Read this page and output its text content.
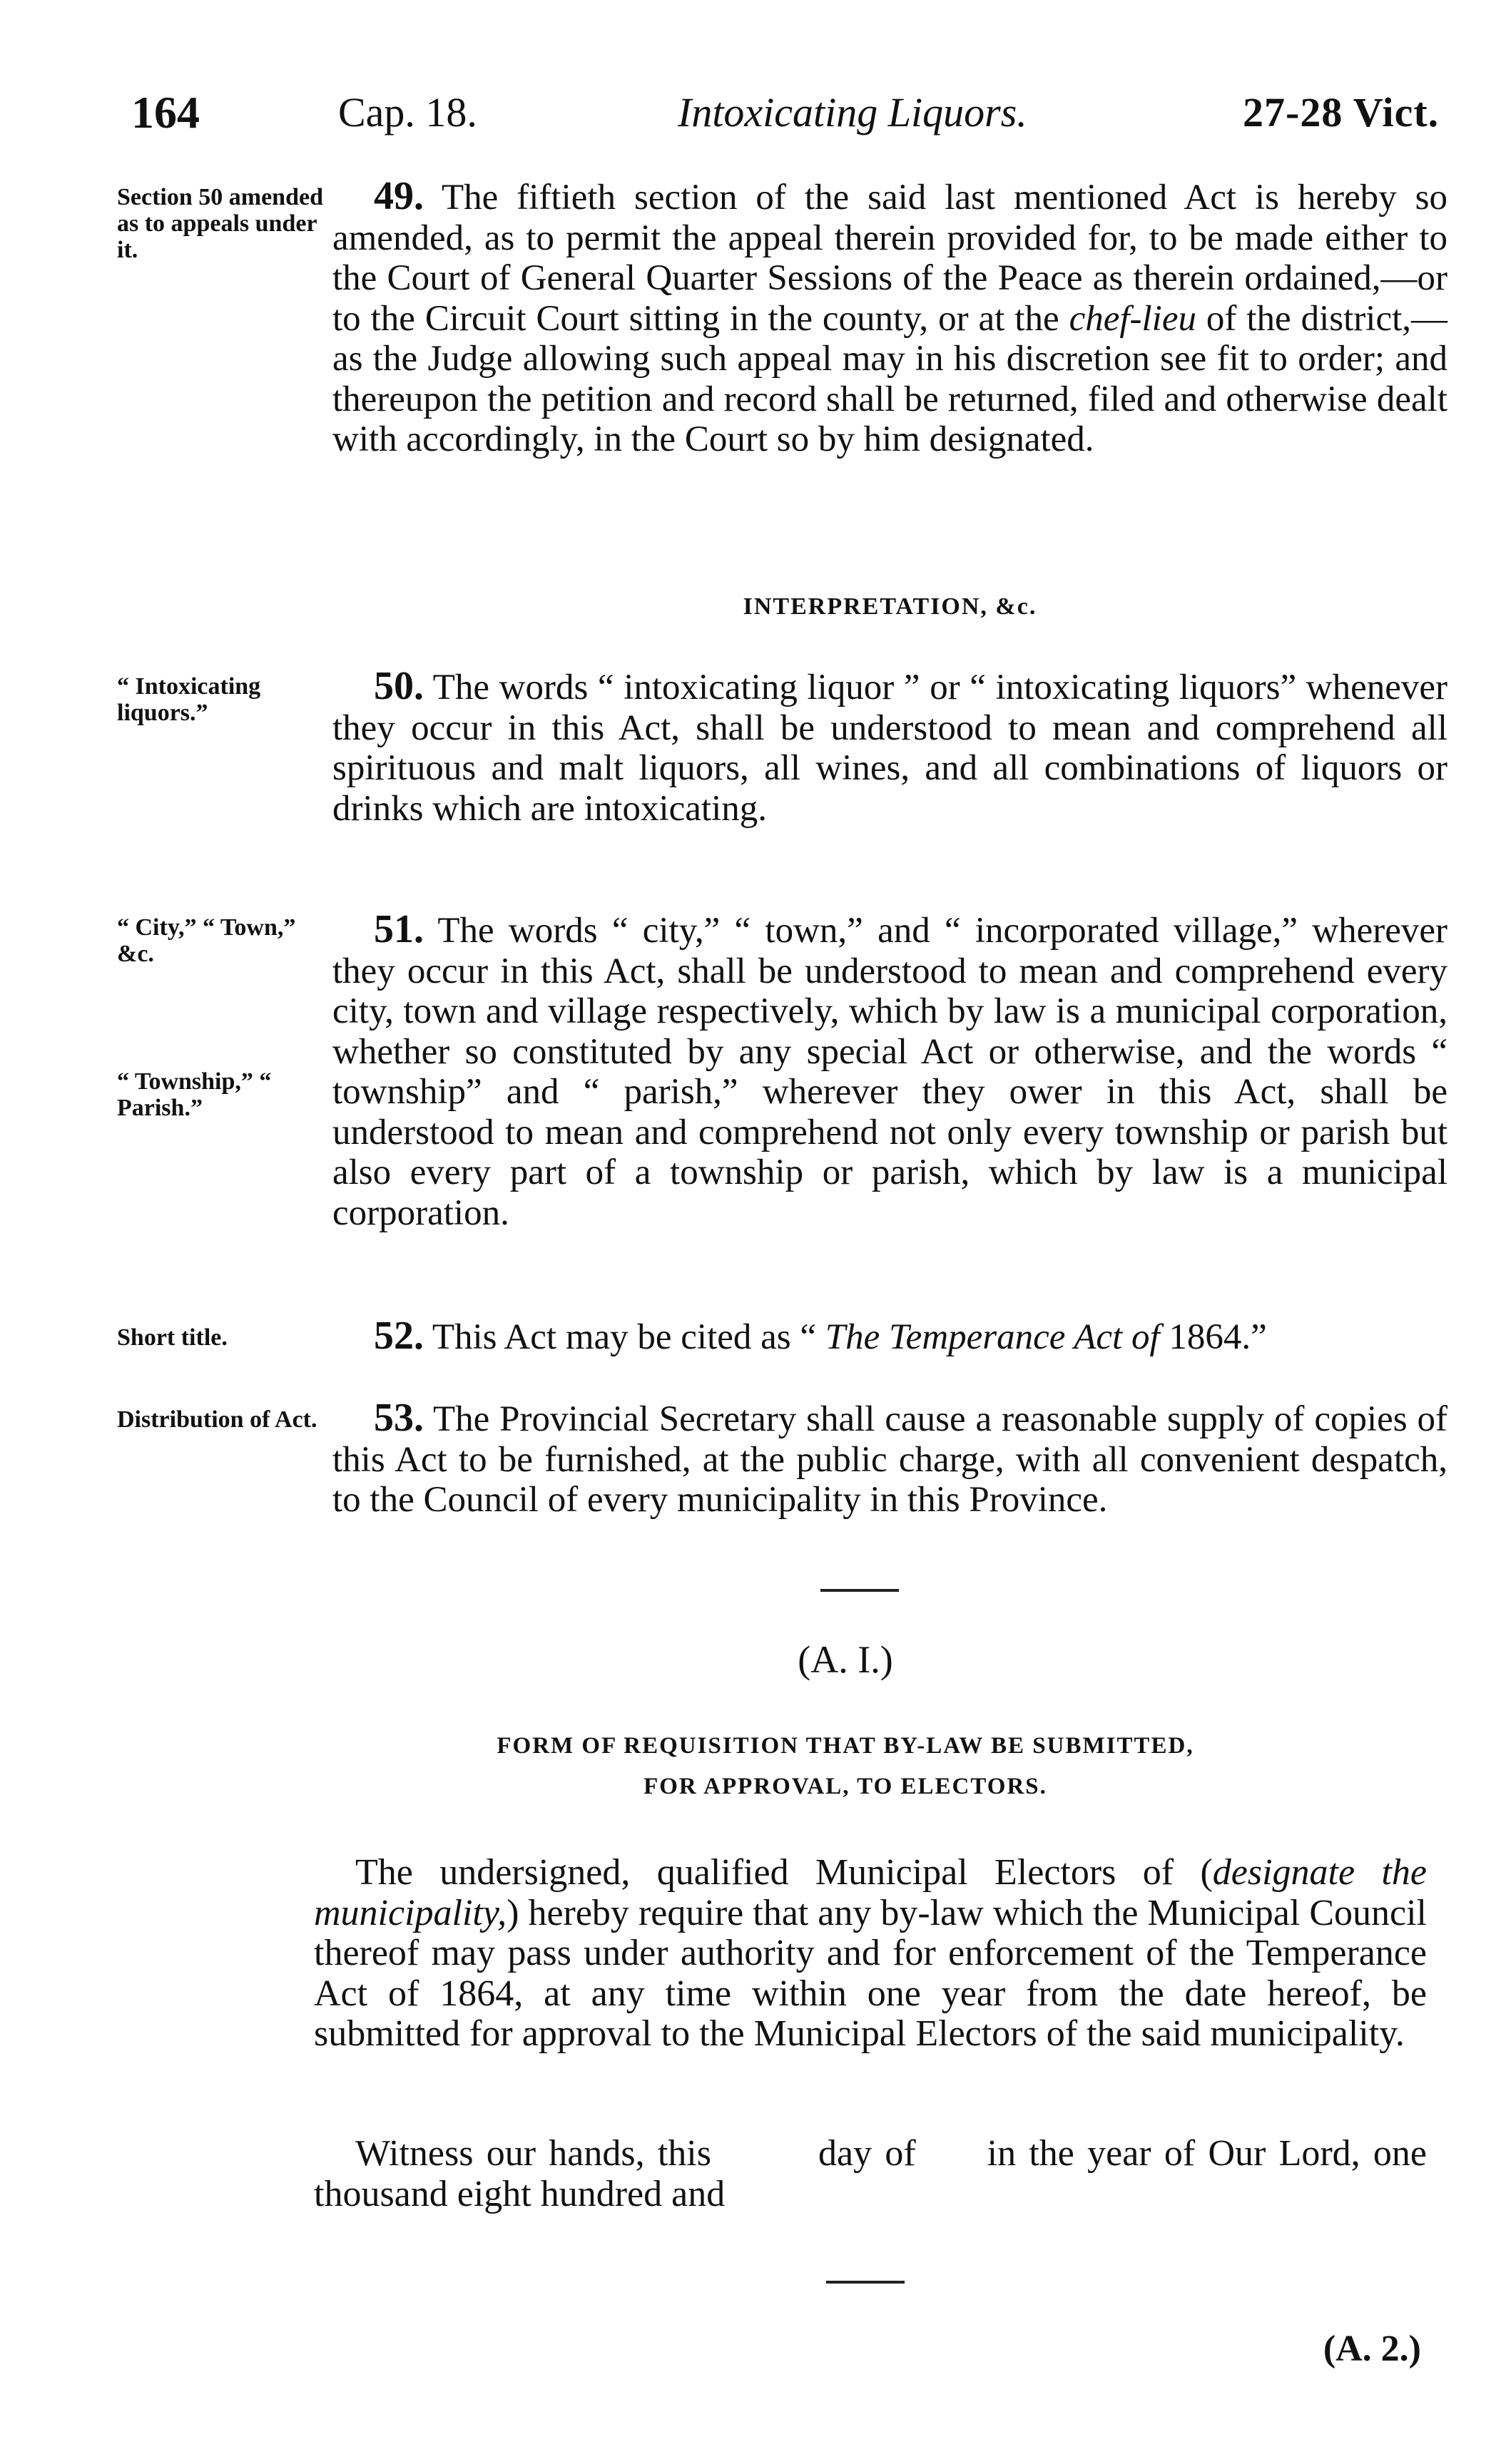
164	Cap. 18.	Intoxicating Liquors.	27-28 Vict.

Section 50 amended as to appeals under it.

49. The fiftieth section of the said last mentioned Act is hereby so amended, as to permit the appeal therein provided for, to be made either to the Court of General Quarter Sessions of the Peace as therein ordained,—or to the Circuit Court sitting in the county, or at the chef-lieu of the district,—as the Judge allowing such appeal may in his discretion see fit to order; and thereupon the petition and record shall be returned, filed and otherwise dealt with accordingly, in the Court so by him designated.

INTERPRETATION, &c.

“ Intoxicating liquors.”

50. The words “ intoxicating liquor ” or “ intoxicating liquors” whenever they occur in this Act, shall be understood to mean and comprehend all spirituous and malt liquors, all wines, and all combinations of liquors or drinks which are intoxicating.

“ City,” “ Town,” &c.

“ Township,” “ Parish.”

51. The words “ city,” “ town,” and “ incorporated village,” wherever they occur in this Act, shall be understood to mean and comprehend every city, town and village respectively, which by law is a municipal corporation, whether so constituted by any special Act or otherwise, and the words “ township” and “ parish,” wherever they ower in this Act, shall be understood to mean and comprehend not only every township or parish but also every part of a township or parish, which by law is a municipal corporation.

Short title.	52. This Act may be cited as “ The Temperance Act of 1864.”

Distribution of Act.	53. The Provincial Secretary shall cause a reasonable supply of copies of this Act to be furnished, at the public charge, with all convenient despatch, to the Council of every municipality in this Province.

(A. I.)

FORM OF REQUISITION THAT BY-LAW BE SUBMITTED,

FOR APPROVAL, TO ELECTORS.

The undersigned, qualified Municipal Electors of (designate the municipality,) hereby require that any by-law which the Municipal Council thereof may pass under authority and for enforcement of the Temperance Act of 1864, at any time within one year from the date hereof, be submitted for approval to the Municipal Electors of the said municipality.

Witness our hands, this	day of in the year of Our Lord, one thousand eight hundred and

(A. 2.)
